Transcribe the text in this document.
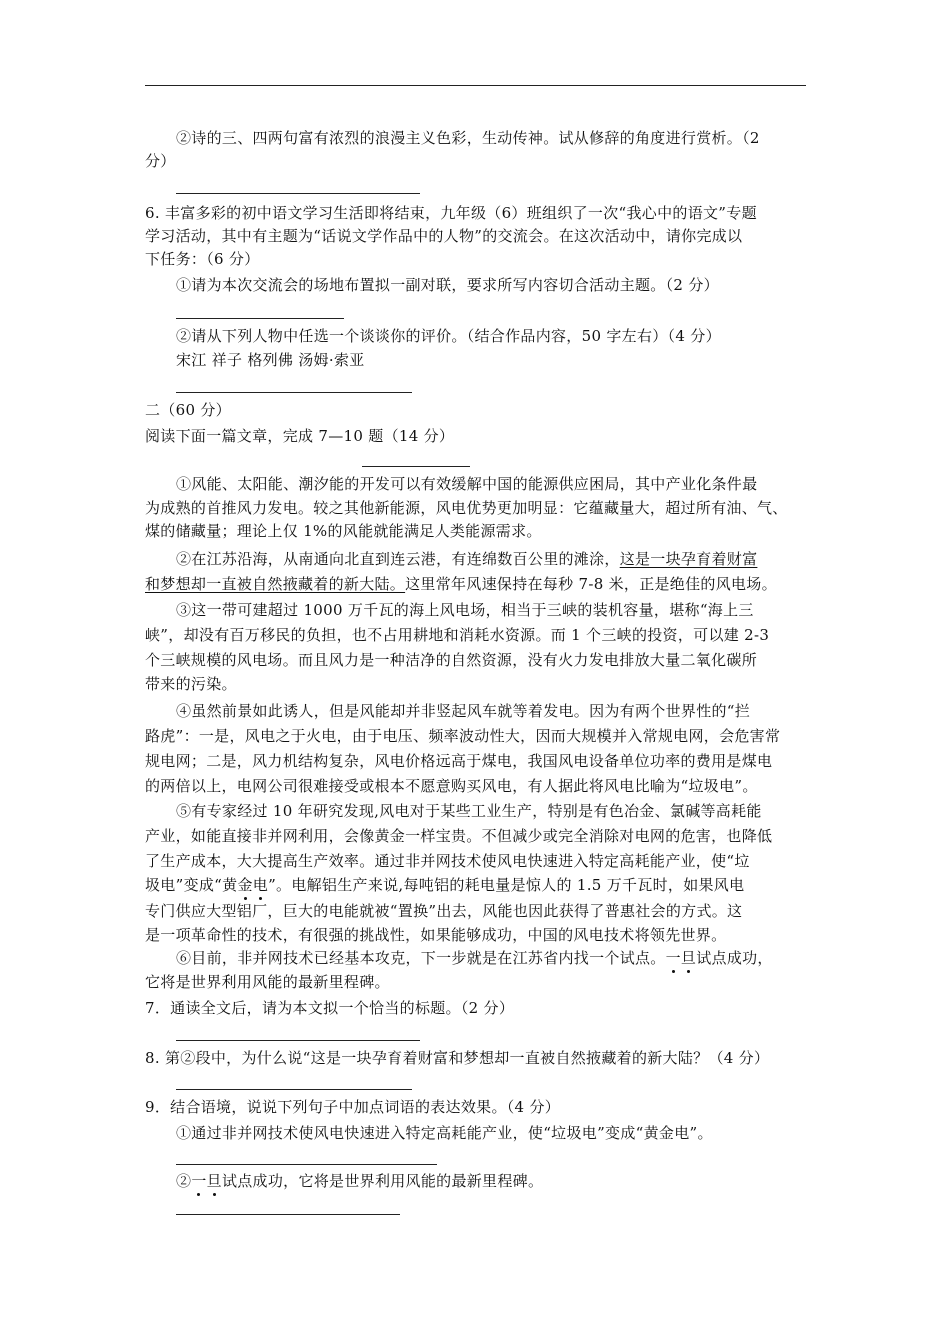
②诗的三、四两句富有浓烈的浪漫主义色彩，生动传神。试从修辞的角度进行赏析。（2
分）
6. 丰富多彩的初中语文学习生活即将结束，九年级（6）班组织了一次“我心中的语文”专题
学习活动，其中有主题为“话说文学作品中的人物”的交流会。在这次活动中，请你完成以
下任务：（6 分）
①请为本次交流会的场地布置拟一副对联，要求所写内容切合活动主题。（2 分）
②请从下列人物中任选一个谈谈你的评价。（结合作品内容，50 字左右）（4 分）
宋江 祥子 格列佛 汤姆·索亚
二（60 分）
阅读下面一篇文章，完成 7—10 题（14 分）
①风能、太阳能、潮汐能的开发可以有效缓解中国的能源供应困局，其中产业化条件最
为成熟的首推风力发电。较之其他新能源，风电优势更加明显：它蕴藏量大，超过所有油、气、
煤的储藏量；理论上仅 1%的风能就能满足人类能源需求。
②在江苏沿海，从南通向北直到连云港，有连绵数百公里的滩涂，这是一块孕育着财富
和梦想却一直被自然掖藏着的新大陆。这里常年风速保持在每秒 7-8 米，正是绝佳的风电场。
③这一带可建超过 1000 万千瓦的海上风电场，相当于三峡的装机容量，堪称“海上三
峡”，却没有百万移民的负担，也不占用耕地和消耗水资源。而 1 个三峡的投资，可以建 2-3
个三峡规模的风电场。而且风力是一种洁净的自然资源，没有火力发电排放大量二氧化碳所
带来的污染。
④虽然前景如此诱人，但是风能却并非竖起风车就等着发电。因为有两个世界性的“拦
路虎”：一是，风电之于火电，由于电压、频率波动性大，因而大规模并入常规电网，会危害常
规电网；二是，风力机结构复杂，风电价格远高于煤电，我国风电设备单位功率的费用是煤电
的两倍以上，电网公司很难接受或根本不愿意购买风电，有人据此将风电比喻为“垃圾电”。
⑤有专家经过 10 年研究发现,风电对于某些工业生产，特别是有色冶金、氯碱等高耗能
产业，如能直接非并网利用，会像黄金一样宝贵。不但减少或完全消除对电网的危害，也降低
了生产成本，大大提高生产效率。通过非并网技术使风电快速进入特定高耗能产业，使“垃
圾电”变成“黄金电”。电解铝生产来说,每吨铝的耗电量是惊人的 1.5 万千瓦时，如果风电
专门供应大型铝厂，巨大的电能就被“置换”出去，风能也因此获得了普惠社会的方式。这
是一项革命性的技术，有很强的挑战性，如果能够成功，中国的风电技术将领先世界。
⑥目前，非并网技术已经基本攻克，下一步就是在江苏省内找一个试点。一旦试点成功，
它将是世界利用风能的最新里程碑。
7．通读全文后，请为本文拟一个恰当的标题。（2 分）
8. 第②段中，为什么说“这是一块孕育着财富和梦想却一直被自然掖藏着的新大陆？（4 分）
9．结合语境，说说下列句子中加点词语的表达效果。（4 分）
①通过非并网技术使风电快速进入特定高耗能产业，使“垃圾电”变成“黄金电”。
②一旦试点成功，它将是世界利用风能的最新里程碑。
